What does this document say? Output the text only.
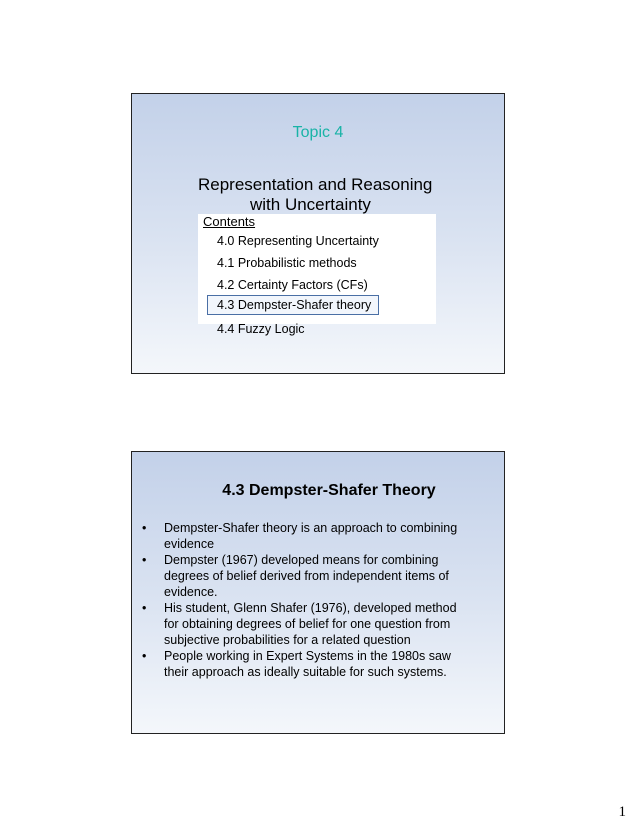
Topic 4
Representation and Reasoning
with Uncertainty
Contents
4.0 Representing Uncertainty
4.1 Probabilistic methods
4.2 Certainty Factors (CFs)
4.3 Dempster-Shafer theory
4.4 Fuzzy Logic
4.3 Dempster-Shafer Theory
• Dempster-Shafer theory is an approach to combining
evidence
• Dempster (1967) developed means for combining
degrees of belief derived from independent items of
evidence.
• His student, Glenn Shafer (1976), developed method
for obtaining degrees of belief for one question from
subjective probabilities for a related question
• People working in Expert Systems in the 1980s saw
their approach as ideally suitable for such systems.
1
